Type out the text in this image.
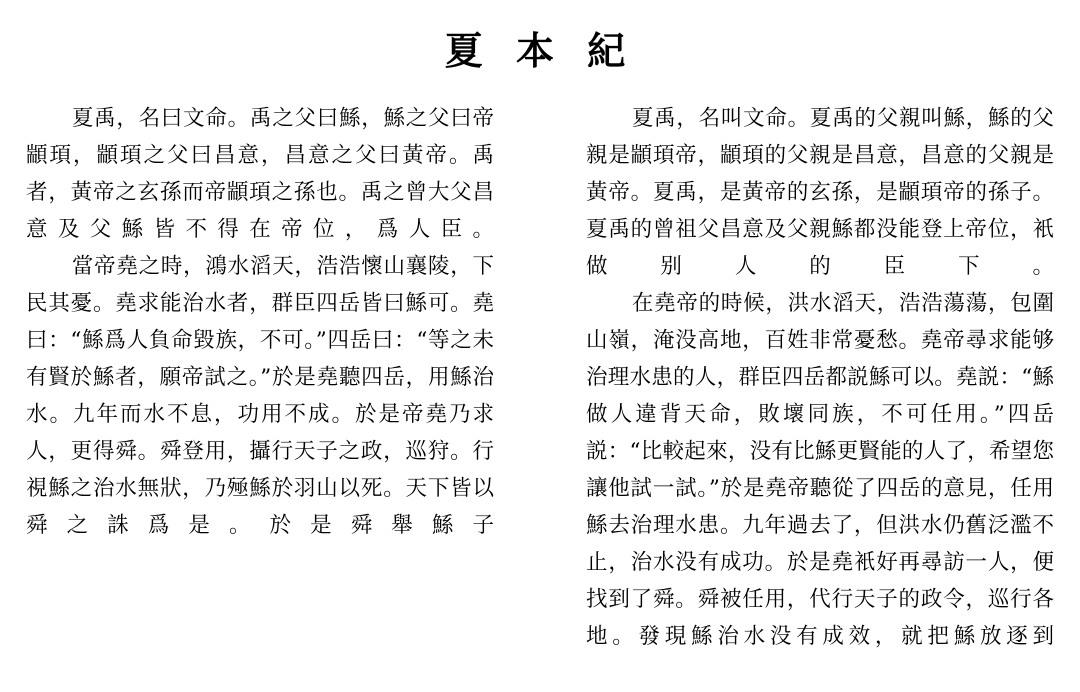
夏 本 紀

夏禹，名曰文命。禹之父曰鯀，鯀之父曰帝顓頊，顓頊之父曰昌意，昌意之父曰黃帝。禹者，黃帝之玄孫而帝顓頊之孫也。禹之曾大父昌意及父鯀皆不得在帝位，爲人臣。

當帝堯之時，鴻水滔天，浩浩懷山襄陵，下民其憂。堯求能治水者，群臣四岳皆曰鯀可。堯曰：“鯀爲人負命毀族，不可。”四岳曰：“等之未有賢於鯀者，願帝試之。”於是堯聽四岳，用鯀治水。九年而水不息，功用不成。於是帝堯乃求人，更得舜。舜登用，攝行天子之政，巡狩。行視鯀之治水無狀，乃殛鯀於羽山以死。天下皆以舜之誅爲是。於是舜舉鯀子

夏禹，名叫文命。夏禹的父親叫鯀，鯀的父親是顓頊帝，顓頊的父親是昌意，昌意的父親是黃帝。夏禹，是黃帝的玄孫，是顓頊帝的孫子。夏禹的曾祖父昌意及父親鯀都没能登上帝位，衹做别人的臣下。

在堯帝的時候，洪水滔天，浩浩蕩蕩，包圍山嶺，淹没高地，百姓非常憂愁。堯帝尋求能够治理水患的人，群臣四岳都説鯀可以。堯説：“鯀做人違背天命，敗壞同族，不可任用。”四岳説：“比較起來，没有比鯀更賢能的人了，希望您讓他試一試。”於是堯帝聽從了四岳的意見，任用鯀去治理水患。九年過去了，但洪水仍舊泛濫不止，治水没有成功。於是堯衹好再尋訪一人，便找到了舜。舜被任用，代行天子的政令，巡行各地。發現鯀治水没有成效，就把鯀放逐到
